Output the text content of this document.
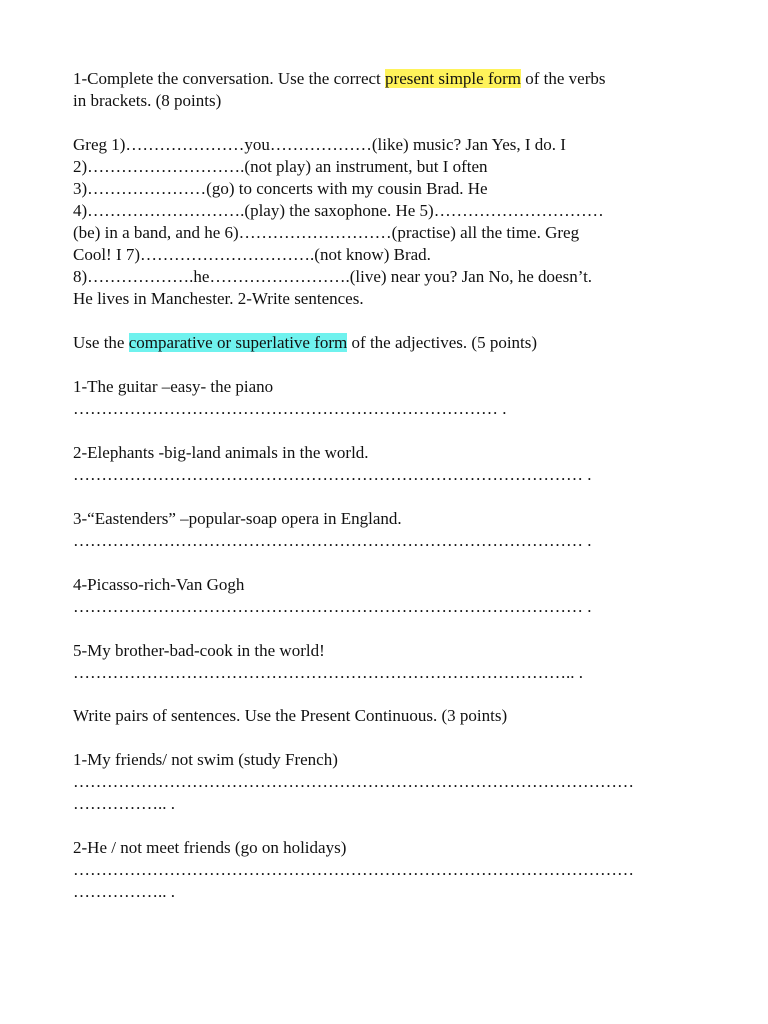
1-Complete the conversation. Use the correct present simple form of the verbs

in brackets. (8 points)

Greg 1)…………………you………………(like) music? Jan Yes, I do. I

2)……………………….(not play) an instrument, but I often

3)…………………(go) to concerts with my cousin Brad. He

4)……………………….(play) the saxophone. He 5)…………………………

(be) in a band, and he 6)………………………(practise) all the time. Greg

Cool! I 7)………………………….(not know) Brad.

8)……………….he…………………….(live) near you? Jan No, he doesn’t.

He lives in Manchester. 2-Write sentences.

Use the comparative or superlative form of the adjectives. (5 points)

1-The guitar –easy- the piano

………………………………………………………………… .

2-Elephants -big-land animals in the world.

……………………………………………………………………………… .

3-“Eastenders” –popular-soap opera in England.

……………………………………………………………………………… .

4-Picasso-rich-Van Gogh

……………………………………………………………………………… .

5-My brother-bad-cook in the world!

…………………………………………………………………………….. .

Write pairs of sentences. Use the Present Continuous. (3 points)

1-My friends/ not swim (study French)

………………………………………………………………………………………

…………….. .

2-He / not meet friends (go on holidays)

………………………………………………………………………………………

…………….. .
